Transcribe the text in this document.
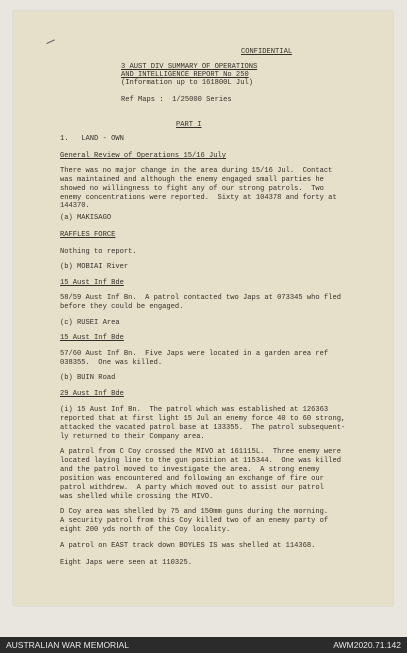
CONFIDENTIAL
3 AUST DIV SUMMARY OF OPERATIONS
AND INTELLIGENCE REPORT No 250
(Information up to 161800L Jul)
Ref Maps :  1/25000 Series
PART I
1.   LAND - OWN
General Review of Operations 15/16 July
There was no major change in the area during 15/16 Jul.  Contact
was maintained and although the enemy engaged small parties he
showed no willingness to fight any of our strong patrols.  Two
enemy concentrations were reported.  Sixty at 104378 and forty at
144370.
(a) MAKISAGO
RAFFLES FORCE
Nothing to report.
(b) MOBIAI River
15 Aust Inf Bde
58/59 Aust Inf Bn.  A patrol contacted two Japs at 073345 who fled
before they could be engaged.
(c) RUSEI Area
15 Aust Inf Bde
57/60 Aust Inf Bn.  Five Japs were located in a garden area ref
038355.  One was killed.
(b) BUIN Road
29 Aust Inf Bde
(i) 15 Aust Inf Bn.  The patrol which was established at 126363
reported that at first light 15 Jul an enemy force 40 to 60 strong,
attacked the vacated patrol base at 133355.  The patrol subsequent-
ly returned to their Company area.
A patrol from C Coy crossed the MIVO at 161115L.  Three enemy were
located laying line to the gun position at 115344.  One was killed
and the patrol moved to investigate the area.  A strong enemy
position was encountered and following an exchange of fire our
patrol withdrew.  A party which moved out to assist our patrol
was shelled while crossing the MIVO.
D Coy area was shelled by 75 and 150mm guns during the morning.
A security patrol from this Coy killed two of an enemy party of
eight 200 yds north of the Coy locality.
A patrol on EAST track down BOYLES IS was shelled at 114368.
Eight Japs were seen at 110325.
AUSTRALIAN WAR MEMORIAL	AWM2020.71.142
